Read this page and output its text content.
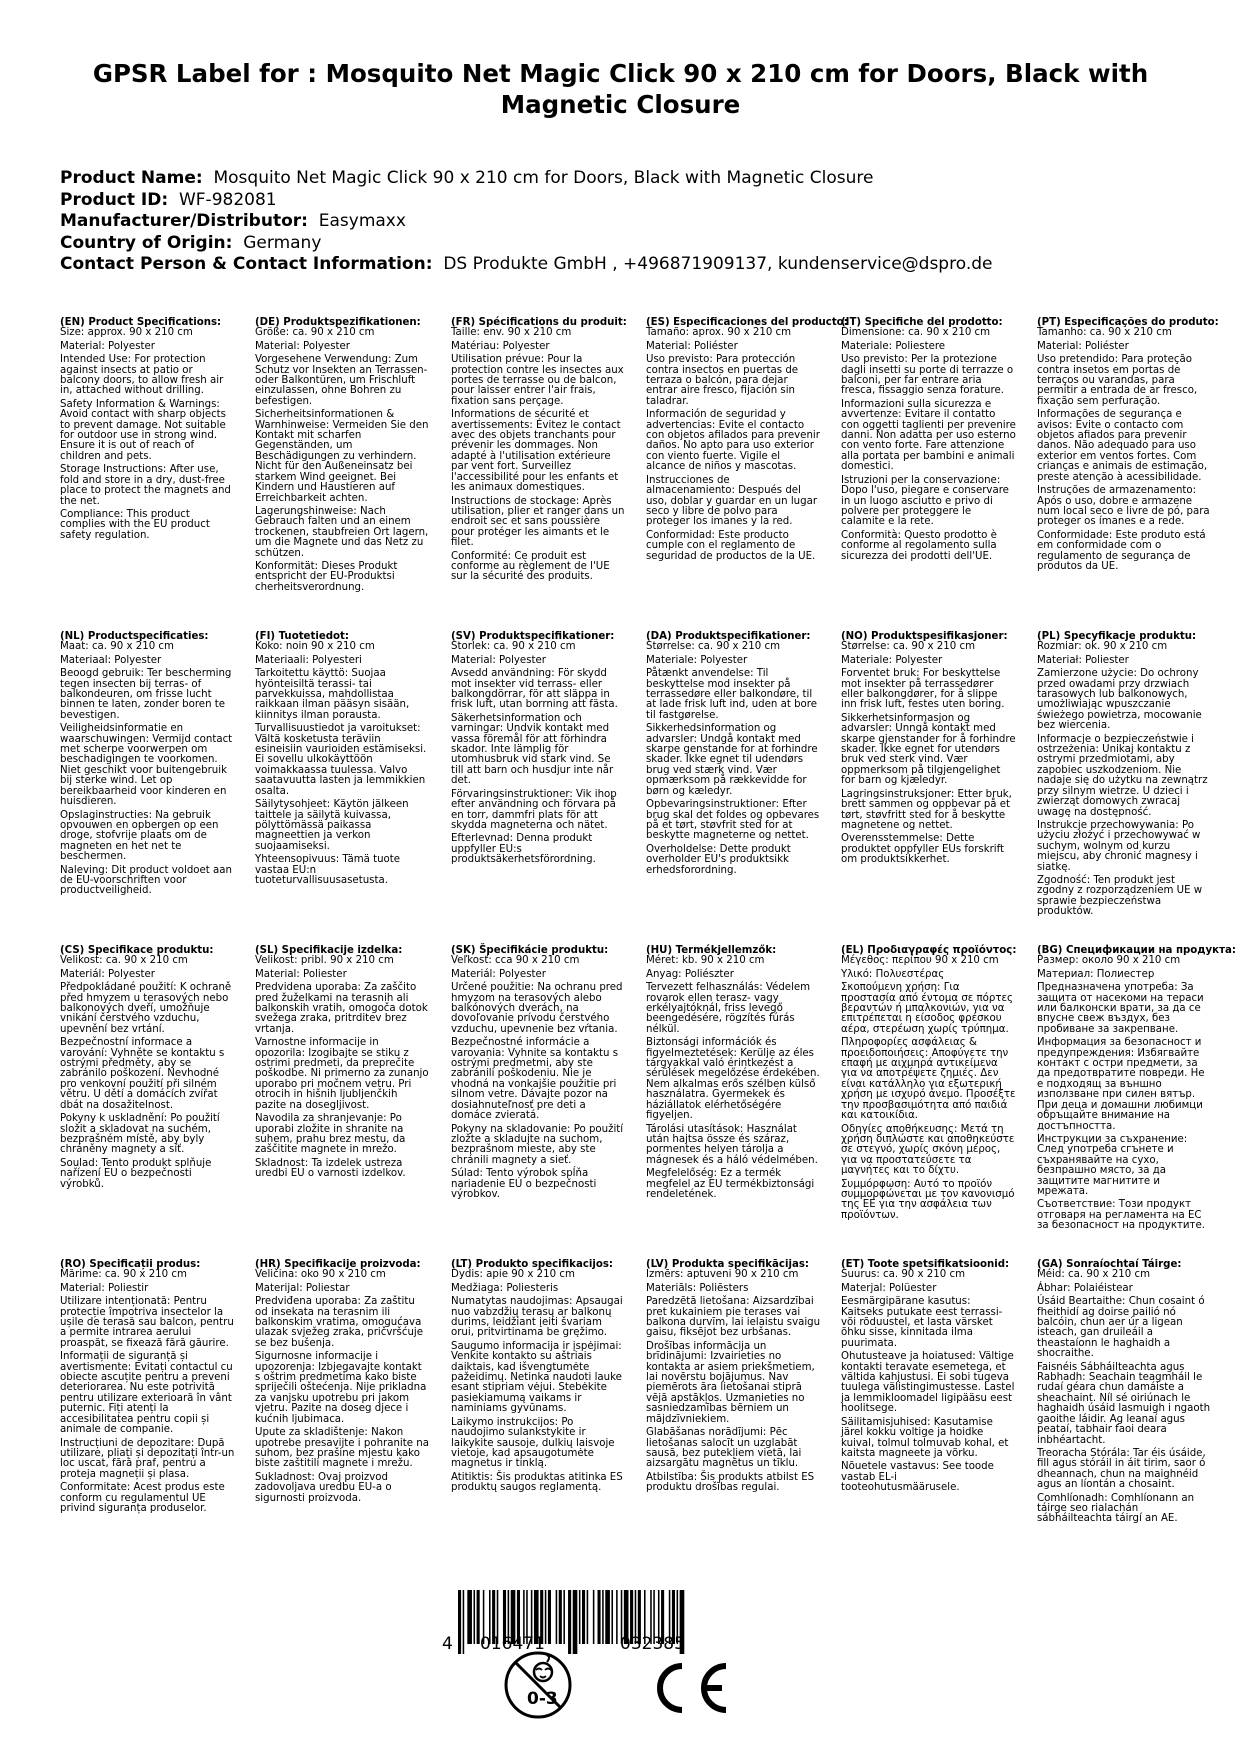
GPSR Label for : Mosquito Net Magic Click 90 x 210 cm for Doors, Black with Magnetic Closure
Product Name: Mosquito Net Magic Click 90 x 210 cm for Doors, Black with Magnetic Closure
Product ID: WF-982081
Manufacturer/Distributor: Easymaxx
Country of Origin: Germany
Contact Person & Contact Information: DS Produkte GmbH , +496871909137, kundenservice@dspro.de
(EN) Product Specifications:
Size: approx. 90 x 210 cm
Material: Polyester
Intended Use: For protection against insects at patio or balcony doors, to allow fresh air in, attached without drilling.
Safety Information & Warnings: Avoid contact with sharp objects to prevent damage. Not suitable for outdoor use in strong wind. Ensure it is out of reach of children and pets.
Storage Instructions: After use, fold and store in a dry, dust-free place to protect the magnets and the net.
Compliance: This product complies with the EU product safety regulation.
(DE) Produktspezifikationen:
Größe: ca. 90 x 210 cm
Material: Polyester
Vorgesehene Verwendung: Zum Schutz vor Insekten an Terrassen- oder Balkontüren, um Frischluft einzulassen, ohne Bohren zu befestigen.
Sicherheitsinformationen & Warnhinweise: Vermeiden Sie den Kontakt mit scharfen Gegenständen, um Beschädigungen zu verhindern. Nicht für den Außeneinsatz bei starkem Wind geeignet. Bei Kindern und Haustieren auf Erreichbarkeit achten.
Lagerungshinweise: Nach Gebrauch falten und an einem trockenen, staubfreien Ort lagern, um die Magnete und das Netz zu schützen.
Konformität: Dieses Produkt entspricht der EU-Produktsi cherheitsverordnung.
(FR) Spécifications du produit:
Taille: env. 90 x 210 cm
Matériau: Polyester
Utilisation prévue: Pour la protection contre les insectes aux portes de terrasse ou de balcon, pour laisser entrer l'air frais, fixation sans perçage.
Informations de sécurité et avertissements: Évitez le contact avec des objets tranchants pour prévenir les dommages. Non adapté à l'utilisation extérieure par vent fort. Surveillez l'accessibilité pour les enfants et les animaux domestiques.
Instructions de stockage: Après utilisation, plier et ranger dans un endroit sec et sans poussière pour protéger les aimants et le filet.
Conformité: Ce produit est conforme au règlement de l'UE sur la sécurité des produits.
(ES) Especificaciones del producto:
Tamaño: aprox. 90 x 210 cm
Material: Poliéster
Uso previsto: Para protección contra insectos en puertas de terraza o balcón, para dejar entrar aire fresco, fijación sin taladrar.
Información de seguridad y advertencias: Evite el contacto con objetos afilados para prevenir daños. No apto para uso exterior con viento fuerte. Vigile el alcance de niños y mascotas.
Instrucciones de almacenamiento: Después del uso, doblar y guardar en un lugar seco y libre de polvo para proteger los imanes y la red.
Conformidad: Este producto cumple con el reglamento de seguridad de productos de la UE.
(IT) Specifiche del prodotto:
Dimensione: ca. 90 x 210 cm
Materiale: Poliestere
Uso previsto: Per la protezione dagli insetti su porte di terrazze o balconi, per far entrare aria fresca, fissaggio senza forature.
Informazioni sulla sicurezza e avvertenze: Evitare il contatto con oggetti taglienti per prevenire danni. Non adatta per uso esterno con vento forte. Fare attenzione alla portata per bambini e animali domestici.
Istruzioni per la conservazione: Dopo l'uso, piegare e conservare in un luogo asciutto e privo di polvere per proteggere le calamite e la rete.
Conformità: Questo prodotto è conforme al regolamento sulla sicurezza dei prodotti dell'UE.
(PT) Especificações do produto:
Tamanho: ca. 90 x 210 cm
Material: Poliéster
Uso pretendido: Para proteção contra insetos em portas de terraços ou varandas, para permitir a entrada de ar fresco, fixação sem perfuração.
Informações de segurança e avisos: Evite o contacto com objetos afiados para prevenir danos. Não adequado para uso exterior em ventos fortes. Com crianças e animais de estimação, preste atenção à acessibilidade.
Instruções de armazenamento: Após o uso, dobre e armazene num local seco e livre de pó, para proteger os ímanes e a rede.
Conformidade: Este produto está em conformidade com o regulamento de segurança de produtos da UE.
(NL) Productspecificaties:
Maat: ca. 90 x 210 cm
Materiaal: Polyester
Beoogd gebruik: Ter bescherming tegen insecten bij terras- of balkondeuren, om frisse lucht binnen te laten, zonder boren te bevestigen.
Veiligheidsinformatie en waarschuwingen: Vermijd contact met scherpe voorwerpen om beschadigingen te voorkomen. Niet geschikt voor buitengebruik bij sterke wind. Let op bereikbaarheid voor kinderen en huisdieren.
Opslaginstructies: Na gebruik opvouwen en opbergen op een droge, stofvrije plaats om de magneten en het net te beschermen.
Naleving: Dit product voldoet aan de EU-voorschriften voor productveiligheid.
(FI) Tuotetiedot:
Koko: noin 90 x 210 cm
Materiaali: Polyesteri
Tarkoitettu käyttö: Suojaa hyönteisiltä terassi- tai parvekkuissa, mahdollistaa raikkaan ilman pääsyn sisään, kiinnitys ilman porausta.
Turvallisuustiedot ja varoitukset: Vältä kosketusta teräviin esineisiin vaurioiden estämiseksi. Ei sovellu ulkokäyttöön voimakkaassa tuulessa. Valvo saatavuutta lasten ja lemmikkien osalta.
Säilytysohjeet: Käytön jälkeen taittele ja säilytä kuivassa, pölyttömässä paikassa magneettien ja verkon suojaamiseksi.
Yhteensopivuus: Tämä tuote vastaa EU:n tuoteturvallisuusasetusta.
(SV) Produktspecifikationer:
Storlek: ca. 90 x 210 cm
Material: Polyester
Avsedd användning: För skydd mot insekter vid terrass- eller balkongdörrar, för att släppa in frisk luft, utan borrning att fästa.
Säkerhetsinformation och varningar: Undvik kontakt med vassa föremål för att förhindra skador. Inte lämplig för utomhusbruk vid stark vind. Se till att barn och husdjur inte når det.
Förvaringsinstruktioner: Vik ihop efter användning och förvara på en torr, dammfri plats för att skydda magneterna och nätet.
Efterlevnad: Denna produkt uppfyller EU:s produktsäkerhetsförordning.
(DA) Produktspecifikationer:
Størrelse: ca. 90 x 210 cm
Materiale: Polyester
Påtænkt anvendelse: Til beskyttelse mod insekter på terrassedøre eller balkondøre, til at lade frisk luft ind, uden at bore til fastgørelse.
Sikkerhedsinformation og advarsler: Undgå kontakt med skarpe genstande for at forhindre skader. Ikke egnet til udendørs brug ved stærk vind. Vær opmærksom på rækkevidde for børn og kæledyr.
Opbevaringsinstruktioner: Efter brug skal det foldes og opbevares på et tørt, støvfrit sted for at beskytte magneterne og nettet.
Overholdelse: Dette produkt overholder EU's produktsikk erhedsforordning.
(NO) Produktspesifikasjoner:
Størrelse: ca. 90 x 210 cm
Materiale: Polyester
Forventet bruk: For beskyttelse mot insekter på terrassedører eller balkongdører, for å slippe inn frisk luft, festes uten boring.
Sikkerhetsinformasjon og advarsler: Unngå kontakt med skarpe gjenstander for å forhindre skader. Ikke egnet for utendørs bruk ved sterk vind. Vær oppmerksom på tilgjengelighet for barn og kjæledyr.
Lagringsinstruksjoner: Etter bruk, brett sammen og oppbevar på et tørt, støvfritt sted for å beskytte magnetene og nettet.
Overensstemmelse: Dette produktet oppfyller EUs forskrift om produktsikkerhet.
(PL) Specyfikacje produktu:
Rozmiar: ok. 90 x 210 cm
Materiał: Poliester
Zamierzone użycie: Do ochrony przed owadami przy drzwiach tarasowych lub balkonowych, umożliwiając wpuszczanie świeżego powietrza, mocowanie bez wiercenia.
Informacje o bezpieczeństwie i ostrzeżenia: Unikaj kontaktu z ostrymi przedmiotami, aby zapobiec uszkodzeniom. Nie nadaje się do użytku na zewnątrz przy silnym wietrze. U dzieci i zwierząt domowych zwracaj uwagę na dostępność.
Instrukcje przechowywania: Po użyciu złożyć i przechowywać w suchym, wolnym od kurzu miejscu, aby chronić magnesy i siatkę.
Zgodność: Ten produkt jest zgodny z rozporządzeniem UE w sprawie bezpieczeństwa produktów.
(CS) Specifikace produktu:
Velikost: ca. 90 x 210 cm
Materiál: Polyester
Předpokládané použití: K ochraně před hmyzem u terasových nebo balkonových dveří, umožňuje vnikání čerstvého vzduchu, upevnění bez vrtání.
Bezpečnostní informace a varování: Vyhněte se kontaktu s ostrými předměty, aby se zabránilo poškození. Nevhodné pro venkovní použití při silném větru. U dětí a domácích zvířat dbát na dosažitelnost.
Pokyny k uskladnění: Po použití složit a skladovat na suchém, bezprašném místě, aby byly chráněny magnety a síť.
Soulad: Tento produkt splňuje nařízení EU o bezpečnosti výrobků.
(SL) Specifikacije izdelka:
Velikost: pribl. 90 x 210 cm
Material: Poliester
Predvidena uporaba: Za zaščito pred žuželkami na terasnih ali balkonskih vratih, omogoča dotok svežega zraka, pritrditev brez vrtanja.
Varnostne informacije in opozorila: Izogibajte se stiku z ostrimi predmeti, da preprečite poškodbe. Ni primerno za zunanjo uporabo pri močnem vetru. Pri otrocih in hišnih ljubljenčkih pazite na dosegljivost.
Navodila za shranjevanje: Po uporabi zložite in shranite na suhem, prahu brez mestu, da zaščitite magnete in mrežo.
Skladnost: Ta izdelek ustreza uredbi EU o varnosti izdelkov.
(SK) Špecifikácie produktu:
Veľkosť: cca 90 x 210 cm
Materiál: Polyester
Určené použitie: Na ochranu pred hmyzom na terasových alebo balkónových dverách, na dovoľovanie prívodu čerstvého vzduchu, upevnenie bez vŕtania.
Bezpečnostné informácie a varovania: Vyhnite sa kontaktu s ostrými predmetmi, aby ste zabránili poškodeniu. Nie je vhodná na vonkajšie použitie pri silnom vetre. Dávajte pozor na dosiahnuteľnosť pre deti a domáce zvieratá.
Pokyny na skladovanie: Po použití zložte a skladujte na suchom, bezprašnom mieste, aby ste chránili magnety a sieť.
Súlad: Tento výrobok spĺňa nariadenie EÚ o bezpečnosti výrobkov.
(HU) Termékjellemzők:
Méret: kb. 90 x 210 cm
Anyag: Poliészter
Tervezett felhasználás: Védelem rovarok ellen terasz- vagy erkélyajtóknál, friss levegő beengedésére, rögzítés fúrás nélkül.
Biztonsági információk és figyelmeztetések: Kerülje az éles tárgyakkal való érintkezést a sérülések megelőzése érdekében. Nem alkalmas erős szélben külső használatra. Gyermekek és háziállatok elérhetőségére figyeljen.
Tárolási utasítások: Használat után hajtsa össze és száraz, pormentes helyen tárolja a mágnesek és a háló védelmében.
Megfelelőség: Ez a termék megfelel az EU termékbiztonsági rendeletének.
(EL) Προδιαγραφές προϊόντος:
Μέγεθος: περίπου 90 x 210 cm
Υλικό: Πολυεστέρας
Σκοπούμενη χρήση: Για προστασία από έντομα σε πόρτες βεραντών ή μπαλκονιών, για να επιτρέπεται η είσοδος φρέσκου αέρα, στερέωση χωρίς τρύπημα.
Πληροφορίες ασφάλειας & προειδοποιήσεις: Αποφύγετε την επαφή με αιχμηρά αντικείμενα για να αποτρέψετε ζημιές. Δεν είναι κατάλληλο για εξωτερική χρήση με ισχυρό άνεμο. Προσέξτε την προσβασιμότητα από παιδιά και κατοικίδια.
Οδηγίες αποθήκευσης: Μετά τη χρήση διπλώστε και αποθηκεύστε σε στεγνό, χωρίς σκόνη μέρος, για να προστατεύσετε τα μαγνήτες και το δίχτυ.
Συμμόρφωση: Αυτό το προϊόν συμμορφώνεται με τον κανονισμό της ΕΕ για την ασφάλεια των προϊόντων.
(BG) Спецификации на продукта:
Размер: около 90 x 210 cm
Материал: Полиестер
Предназначена употреба: За защита от насекоми на тераси или балконски врати, за да се впусне свеж въздух, без пробиване за закрепване.
Информация за безопасност и предупреждения: Избягвайте контакт с остри предмети, за да предотвратите повреди. Не е подходящ за външно използване при силен вятър. При деца и домашни любимци обръщайте внимание на достъпността.
Инструкции за съхранение: След употреба сгънете и съхранявайте на сухо, безпрашно място, за да защитите магнитите и мрежата.
Съответствие: Този продукт отговаря на регламента на ЕС за безопасност на продуктите.
(RO) Specificații produs:
Mărime: ca. 90 x 210 cm
Material: Poliestir
Utilizare intenționată: Pentru protecție împotriva insectelor la ușile de terasă sau balcon, pentru a permite intrarea aerului proaspăt, se fixează fără găurire.
Informații de siguranță și avertismente: Evitați contactul cu obiecte ascuțite pentru a preveni deteriorarea. Nu este potrivită pentru utilizare exterioară în vânt puternic. Fiți atenți la accesibilitatea pentru copii și animale de companie.
Instrucțiuni de depozitare: După utilizare, pliați și depozitați într-un loc uscat, fără praf, pentru a proteja magneții și plasa.
Conformitate: Acest produs este conform cu regulamentul UE privind siguranța produselor.
(HR) Specifikacije proizvoda:
Veličina: oko 90 x 210 cm
Materijal: Poliestar
Predviđena uporaba: Za zaštitu od insekata na terasnim ili balkonskim vratima, omogućava ulazak svježeg zraka, pričvršćuje se bez bušenja.
Sigurnosne informacije i upozorenja: Izbjegavajte kontakt s oštrim predmetima kako biste spriječili oštećenja. Nije prikladna za vanjsku upotrebu pri jakom vjetru. Pazite na doseg djece i kućnih ljubimaca.
Upute za skladištenje: Nakon upotrebe presavijte i pohranite na suhom, bez prašine mjestu kako biste zaštitili magnete i mrežu.
Sukladnost: Ovaj proizvod zadovoljava uredbu EU-a o sigurnosti proizvoda.
(LT) Produkto specifikacijos:
Dydis: apie 90 x 210 cm
Medžiaga: Poliesteris
Numatytas naudojimas: Apsaugai nuo vabzdžių terasų ar balkonų durims, leidžiant įeiti švariam orui, pritvirtinama be gręžimo.
Saugumo informacija ir įspėjimai: Venkite kontakto su aštriais daiktais, kad išvengtumėte pažeidimų. Netinka naudoti lauke esant stipriam vėjui. Stebėkite pasiekiamumą vaikams ir naminiams gyvūnams.
Laikymo instrukcijos: Po naudojimo sulankstykite ir laikykite sausoje, dulkių laisvoje vietoje, kad apsaugotumėte magnetus ir tinklą.
Atitiktis: Šis produktas atitinka ES produktų saugos reglamentą.
(LV) Produkta specifikācijas:
Izmērs: aptuveni 90 x 210 cm
Materiāls: Poliēsters
Paredzētā lietošana: Aizsardzībai pret kukainiem pie terases vai balkona durvīm, lai ielaistu svaigu gaisu, fiksējot bez urbšanas.
Drošības informācija un brīdinājumi: Izvairieties no kontakta ar asiem priekšmetiem, lai novērstu bojājumus. Nav piemērots āra lietošanai stiprā vējā apstākļos. Uzmanieties no sasniedzamības bērniem un mājdzīvniekiem.
Glabāšanas norādījumi: Pēc lietošanas salocīt un uzglabāt sausā, bez putekļiem vietā, lai aizsargātu magnētus un tīklu.
Atbilstība: Šis produkts atbilst ES produktu drošības regulai.
(ET) Toote spetsifikatsioonid:
Suurus: ca. 90 x 210 cm
Materjal: Polüester
Eesmärgipärane kasutus: Kaitseks putukate eest terrassi- või rõduustel, et lasta värsket õhku sisse, kinnitada ilma puurimata.
Ohutusteave ja hoiatused: Vältige kontakti teravate esemetega, et vältida kahjustusi. Ei sobi tugeva tuulega välistingimustesse. Lastel ja lemmikloomadel ligipääsu eest hoolitsege.
Säilitamisjuhised: Kasutamise järel kokku voltige ja hoidke kuival, tolmul tolmuvab kohal, et kaitsta magneete ja võrku.
Nõuetele vastavus: See toode vastab EL-i tooteohutusmäärusele.
(GA) Sonraíochtaí Táirge:
Méid: ca. 90 x 210 cm
Ábhar: Polaiéistear
Úsáid Beartaithe: Chun cosaint ó fheithidí ag doirse pailió nó balcóin, chun aer úr a ligean isteach, gan druileáil a theastaíonn le haghaidh a shocraithe.
Faisnéis Sábháilteachta agus Rabhadh: Seachain teagmháil le rudaí géara chun damáiste a sheachaint. Níl sé oiriúnach le haghaidh úsáid lasmuigh i ngaoth gaoithe láidir. Ag leanaí agus peataí, tabhair faoi deara inbhéartacht.
Treoracha Stórála: Tar éis úsáide, fill agus stóráil in áit tirim, saor ó dheannach, chun na maighnéid agus an líontán a chosaint.
Comhlíonadh: Comhlíonann an táirge seo rialachán sábháilteachta táirgí an AE.
4 016471	032385
0-3
